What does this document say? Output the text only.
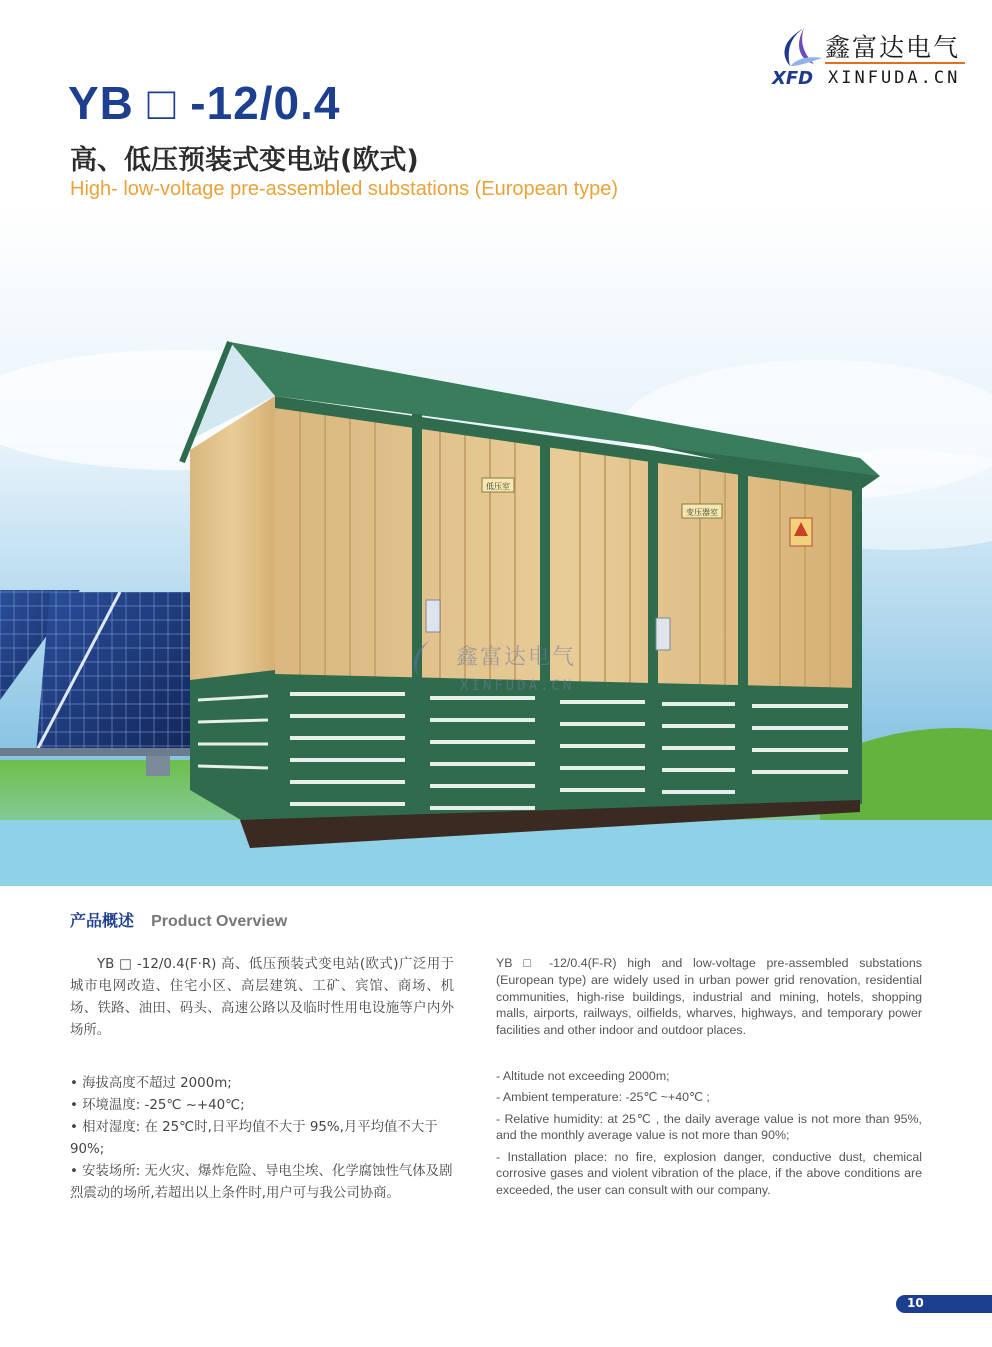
鑫富达电气
XFD XINFUDA.CN
YB □ -12/0.4
高、低压预装式变电站(欧式)
High- low-voltage pre-assembled substations (European type)
低压室
变压器室
鑫富达电气
XINFUDA.CN
产品概述 Product Overview
YB □ -12/0.4(F·R) 高、低压预装式变电站(欧式)广泛用于城市电网改造、住宅小区、高层建筑、工矿、宾馆、商场、机场、铁路、油田、码头、高速公路以及临时性用电设施等户内外场所。

• 海拔高度不超过 2000m;

• 环境温度: -25℃ ~+40℃;

• 相对湿度: 在 25℃时,日平均值不大于 95%,月平均值不大于 90%;

• 安装场所: 无火灾、爆炸危险、导电尘埃、化学腐蚀性气体及剧烈震动的场所,若超出以上条件时,用户可与我公司协商。

YB □ -12/0.4(F-R) high and low-voltage pre-assembled substations (European type) are widely used in urban power grid renovation, residential communities, high-rise buildings, industrial and mining, hotels, shopping malls, airports, railways, oilfields, wharves, highways, and temporary power facilities and other indoor and outdoor places.

- Altitude not exceeding 2000m;

- Ambient temperature: -25℃ ~+40℃ ;

- Relative humidity: at 25℃ , the daily average value is not more than 95%, and the monthly average value is not more than 90%;

- Installation place: no fire, explosion danger, conductive dust, chemical corrosive gases and violent vibration of the place, if the above conditions are exceeded, the user can consult with our company.

10
